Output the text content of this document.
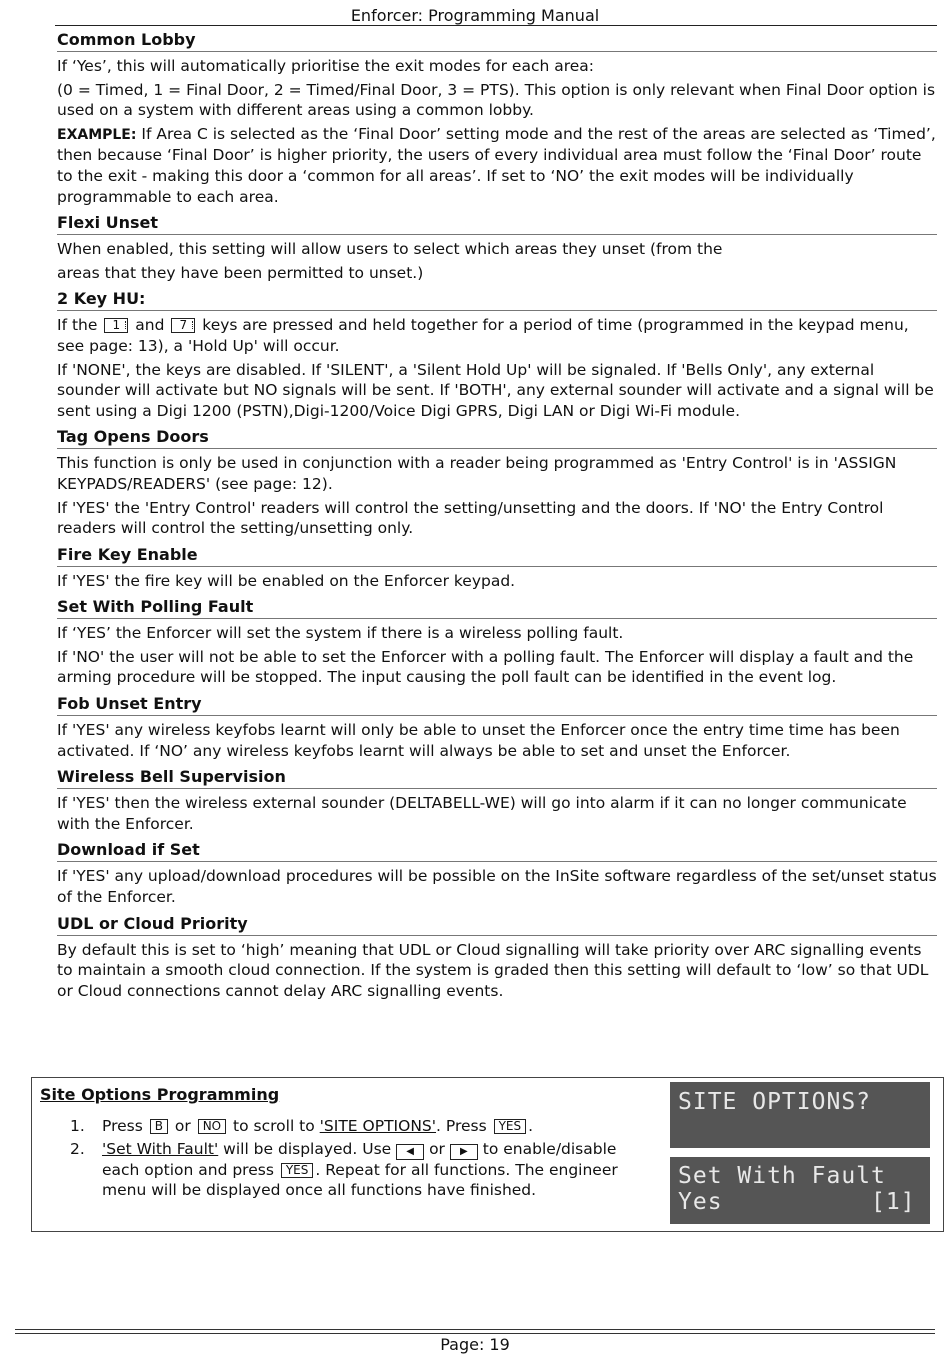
Enforcer: Programming Manual
Common Lobby
If ‘Yes’, this will automatically prioritise the exit modes for each area:
(0 = Timed, 1 = Final Door, 2 = Timed/Final Door, 3 = PTS). This option is only relevant when Final Door option is used on a system with different areas using a common lobby.
EXAMPLE: If Area C is selected as the ‘Final Door’ setting mode and the rest of the areas are selected as ‘Timed’, then because ‘Final Door’ is higher priority, the users of every individual area must follow the ‘Final Door’ route to the exit - making this door a ‘common for all areas’. If set to ‘NO’ the exit modes will be individually programmable to each area.
Flexi Unset
When enabled, this setting will allow users to select which areas they unset (from the
areas that they have been permitted to unset.)
2 Key HU:
If the 1 and 7 keys are pressed and held together for a period of time (programmed in the keypad menu, see page: 13), a 'Hold Up' will occur.
If 'NONE', the keys are disabled. If 'SILENT', a 'Silent Hold Up' will be signaled. If 'Bells Only', any external sounder will activate but NO signals will be sent. If 'BOTH', any external sounder will activate and a signal will be sent using a Digi 1200 (PSTN),Digi-1200/Voice Digi GPRS, Digi LAN or Digi Wi-Fi module.
Tag Opens Doors
This function is only be used in conjunction with a reader being programmed as 'Entry Control' is in 'ASSIGN KEYPADS/READERS' (see page: 12).
If 'YES' the 'Entry Control' readers will control the setting/unsetting and the doors. If 'NO' the Entry Control readers will control the setting/unsetting only.
Fire Key Enable
If 'YES' the fire key will be enabled on the Enforcer keypad.
Set With Polling Fault
If ‘YES’ the Enforcer will set the system if there is a wireless polling fault.
If 'NO' the user will not be able to set the Enforcer with a polling fault. The Enforcer will display a fault and the arming procedure will be stopped. The input causing the poll fault can be identified in the event log.
Fob Unset Entry
If 'YES' any wireless keyfobs learnt will only be able to unset the Enforcer once the entry time time has been activated. If ‘NO’ any wireless keyfobs learnt will always be able to set and unset the Enforcer.
Wireless Bell Supervision
If 'YES' then the wireless external sounder (DELTABELL-WE) will go into alarm if it can no longer communicate with the Enforcer.
Download if Set
If 'YES' any upload/download procedures will be possible on the InSite software regardless of the set/unset status of the Enforcer.
UDL or Cloud Priority
By default this is set to ‘high’ meaning that UDL or Cloud signalling will take priority over ARC signalling events to maintain a smooth cloud connection. If the system is graded then this setting will default to ‘low’ so that UDL or Cloud connections cannot delay ARC signalling events.
Site Options Programming
1. Press B or NO to scroll to 'SITE OPTIONS'. Press YES .
2. 'Set With Fault' will be displayed. Use ◀ or ▶ to enable/disable each option and press YES . Repeat for all functions. The engineer menu will be displayed once all functions have finished.
SITE OPTIONS?
Set With Fault
Yes          [1]
Page: 19
